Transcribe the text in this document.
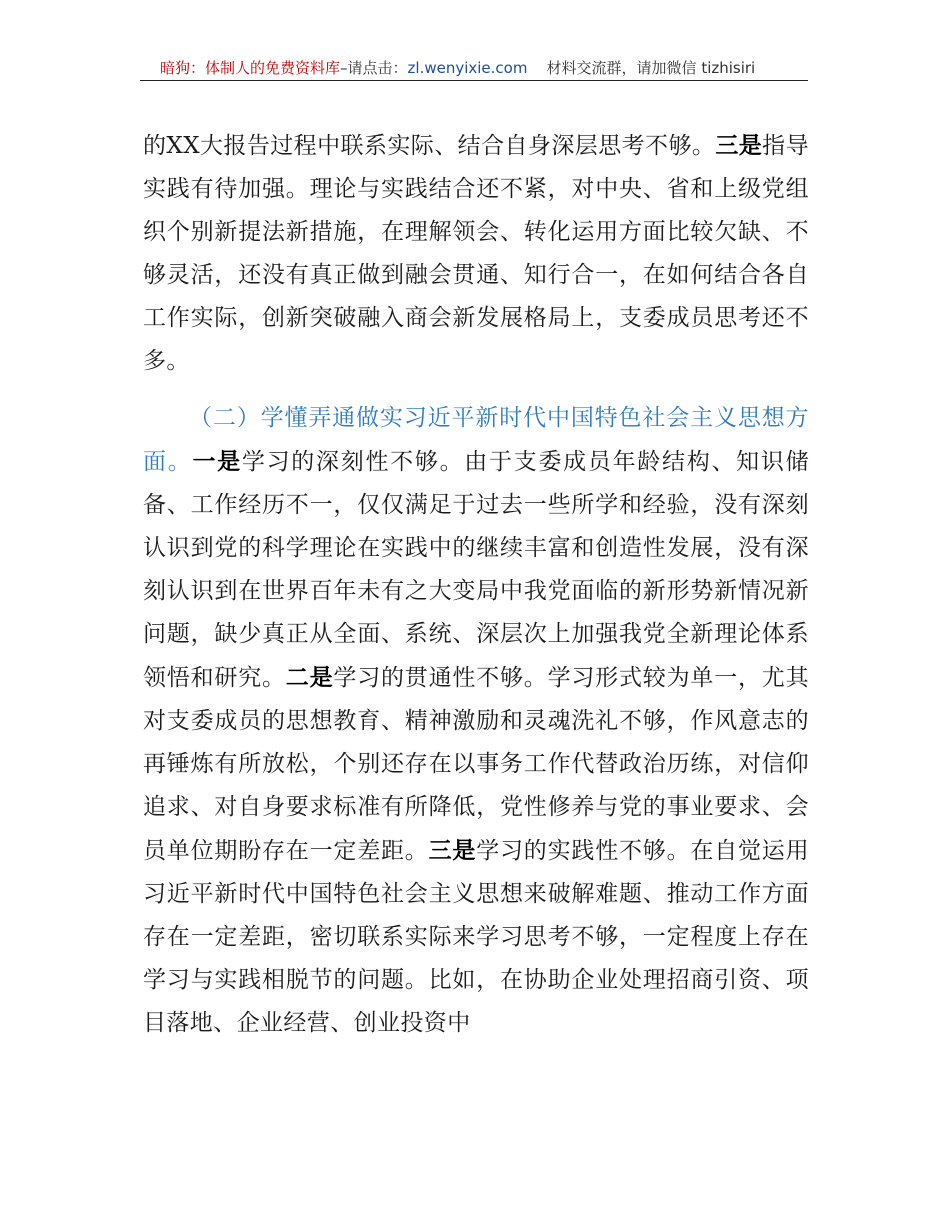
暗狗：体制人的免费资料库–请点击：zl.wenyixie.com 材料交流群，请加微信 tizhisiri

的XX大报告过程中联系实际、结合自身深层思考不够。三是指导实践有待加强。理论与实践结合还不紧，对中央、省和上级党组织个别新提法新措施，在理解领会、转化运用方面比较欠缺、不够灵活，还没有真正做到融会贯通、知行合一，在如何结合各自工作实际，创新突破融入商会新发展格局上，支委成员思考还不多。

（二）学懂弄通做实习近平新时代中国特色社会主义思想方面。一是学习的深刻性不够。由于支委成员年龄结构、知识储备、工作经历不一，仅仅满足于过去一些所学和经验，没有深刻认识到党的科学理论在实践中的继续丰富和创造性发展，没有深刻认识到在世界百年未有之大变局中我党面临的新形势新情况新问题，缺少真正从全面、系统、深层次上加强我党全新理论体系领悟和研究。二是学习的贯通性不够。学习形式较为单一，尤其对支委成员的思想教育、精神激励和灵魂洗礼不够，作风意志的再锤炼有所放松，个别还存在以事务工作代替政治历练，对信仰追求、对自身要求标准有所降低，党性修养与党的事业要求、会员单位期盼存在一定差距。三是学习的实践性不够。在自觉运用习近平新时代中国特色社会主义思想来破解难题、推动工作方面存在一定差距，密切联系实际来学习思考不够，一定程度上存在学习与实践相脱节的问题。比如，在协助企业处理招商引资、项目落地、企业经营、创业投资中
